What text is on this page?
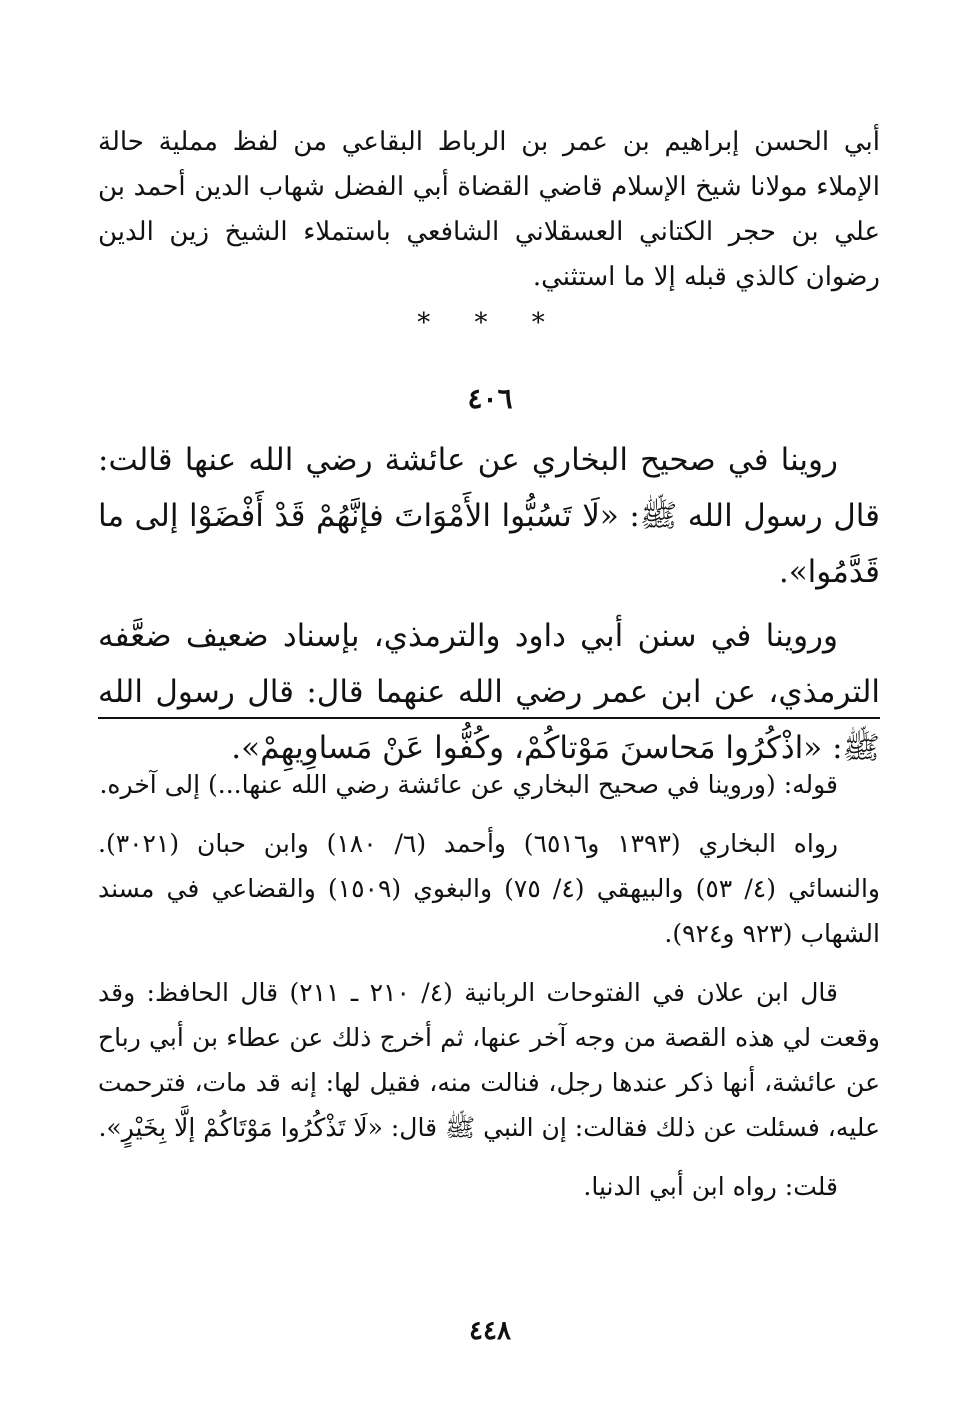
أبي الحسن إبراهيم بن عمر بن الرباط البقاعي من لفظ مملية حالة الإملاء مولانا شيخ الإسلام قاضي القضاة أبي الفضل شهاب الدين أحمد بن علي بن حجر الكتاني العسقلاني الشافعي باستملاء الشيخ زين الدين رضوان كالذي قبله إلا ما استثني.
* * *
٤٠٦

روينا في صحيح البخاري عن عائشة رضي الله عنها قالت: قال رسول الله ﷺ: «لَا تَسُبُّوا الأَمْوَاتَ فإنَّهُمْ قَدْ أَفْضَوْا إلى ما قَدَّمُوا».

وروينا في سنن أبي داود والترمذي، بإسناد ضعيف ضعَّفه الترمذي، عن ابن عمر رضي الله عنهما قال: قال رسول الله ﷺ: «اذْكُرُوا مَحاسنَ مَوْتاكُمْ، وكُفُّوا عَنْ مَساوِيهِمْ».

قوله: (وروينا في صحيح البخاري عن عائشة رضي الله عنها...) إلى آخره.

رواه البخاري (١٣٩٣ و٦٥١٦) وأحمد (٦/ ١٨٠) وابن حبان (٣٠٢١). والنسائي (٤/ ٥٣) والبيهقي (٤/ ٧٥) والبغوي (١٥٠٩) والقضاعي في مسند الشهاب (٩٢٣ و٩٢٤).

قال ابن علان في الفتوحات الربانية (٤/ ٢١٠ ـ ٢١١) قال الحافظ: وقد وقعت لي هذه القصة من وجه آخر عنها، ثم أخرج ذلك عن عطاء بن أبي رباح عن عائشة، أنها ذكر عندها رجل، فنالت منه، فقيل لها: إنه قد مات، فترحمت عليه، فسئلت عن ذلك فقالت: إن النبي ﷺ قال: «لَا تَذْكُرُوا مَوْتَاكُمْ إلَّا بِخَيْرٍ».

قلت: رواه ابن أبي الدنيا.

٤٤٨
